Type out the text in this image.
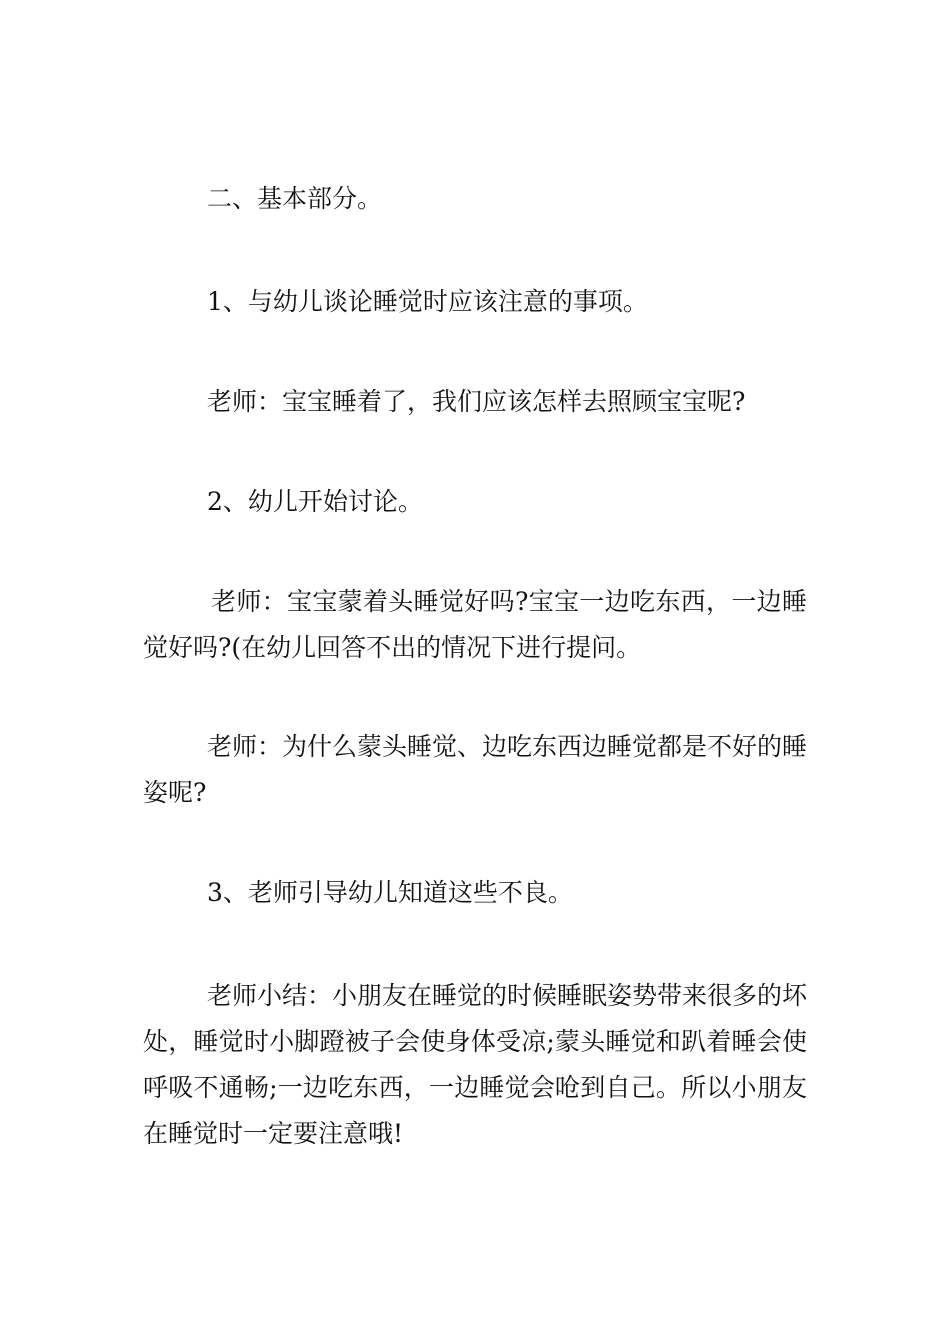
二、基本部分。

1、与幼儿谈论睡觉时应该注意的事项。

老师：宝宝睡着了，我们应该怎样去照顾宝宝呢?

2、幼儿开始讨论。

老师：宝宝蒙着头睡觉好吗?宝宝一边吃东西，一边睡觉好吗?(在幼儿回答不出的情况下进行提问。

老师：为什么蒙头睡觉、边吃东西边睡觉都是不好的睡姿呢?

3、老师引导幼儿知道这些不良。

老师小结：小朋友在睡觉的时候睡眠姿势带来很多的坏处，睡觉时小脚蹬被子会使身体受凉;蒙头睡觉和趴着睡会使呼吸不通畅;一边吃东西，一边睡觉会呛到自己。所以小朋友在睡觉时一定要注意哦!
